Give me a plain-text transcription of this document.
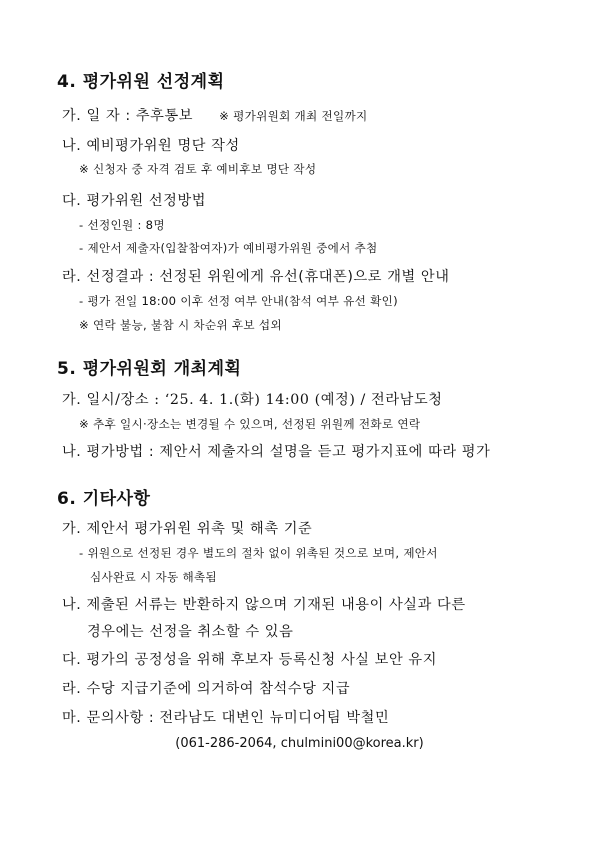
4. 평가위원 선정계획
가. 일 자 : 추후통보 ※ 평가위원회 개최 전일까지
나. 예비평가위원 명단 작성
※ 신청자 중 자격 검토 후 예비후보 명단 작성
다. 평가위원 선정방법
- 선정인원 : 8명
- 제안서 제출자(입찰참여자)가 예비평가위원 중에서 추첨
라. 선정결과 : 선정된 위원에게 유선(휴대폰)으로 개별 안내
- 평가 전일 18:00 이후 선정 여부 안내(참석 여부 유선 확인)
※ 연락 불능, 불참 시 차순위 후보 섭외
5. 평가위원회 개최계획
가. 일시/장소 : ‘25. 4. 1.(화) 14:00 (예정) / 전라남도청
※ 추후 일시·장소는 변경될 수 있으며, 선정된 위원께 전화로 연락
나. 평가방법 : 제안서 제출자의 설명을 듣고 평가지표에 따라 평가
6. 기타사항
가. 제안서 평가위원 위촉 및 해촉 기준
- 위원으로 선정된 경우 별도의 절차 없이 위촉된 것으로 보며, 제안서
심사완료 시 자동 해촉됨
나. 제출된 서류는 반환하지 않으며 기재된 내용이 사실과 다른
경우에는 선정을 취소할 수 있음
다. 평가의 공정성을 위해 후보자 등록신청 사실 보안 유지
라. 수당 지급기준에 의거하여 참석수당 지급
마. 문의사항 : 전라남도 대변인 뉴미디어팀 박철민
(061-286-2064, chulmini00@korea.kr)
